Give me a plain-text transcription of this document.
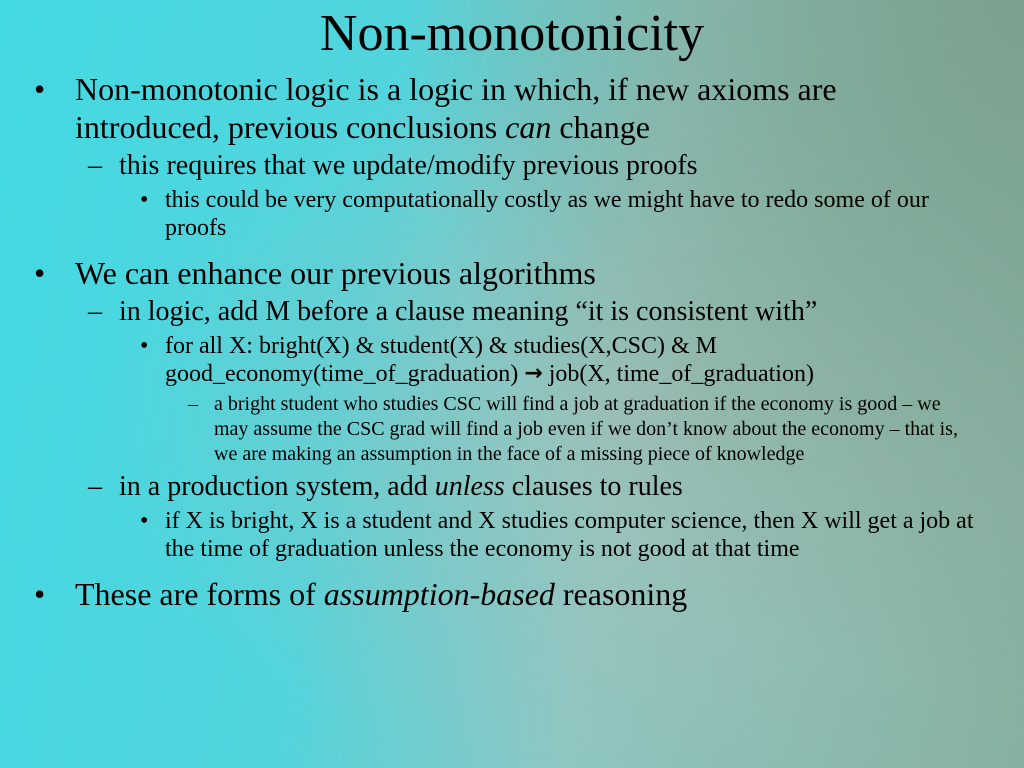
Non-monotonicity
• Non-monotonic logic is a logic in which, if new axioms are introduced, previous conclusions can change
– this requires that we update/modify previous proofs
• this could be very computationally costly as we might have to redo some of our proofs
• We can enhance our previous algorithms
– in logic, add M before a clause meaning “it is consistent with”
• for all X: bright(X) & student(X) & studies(X,CSC) & M good_economy(time_of_graduation) → job(X, time_of_graduation)
– a bright student who studies CSC will find a job at graduation if the economy is good – we may assume the CSC grad will find a job even if we don’t know about the economy – that is, we are making an assumption in the face of a missing piece of knowledge
– in a production system, add unless clauses to rules
• if X is bright, X is a student and X studies computer science, then X will get a job at the time of graduation unless the economy is not good at that time
• These are forms of assumption-based reasoning
